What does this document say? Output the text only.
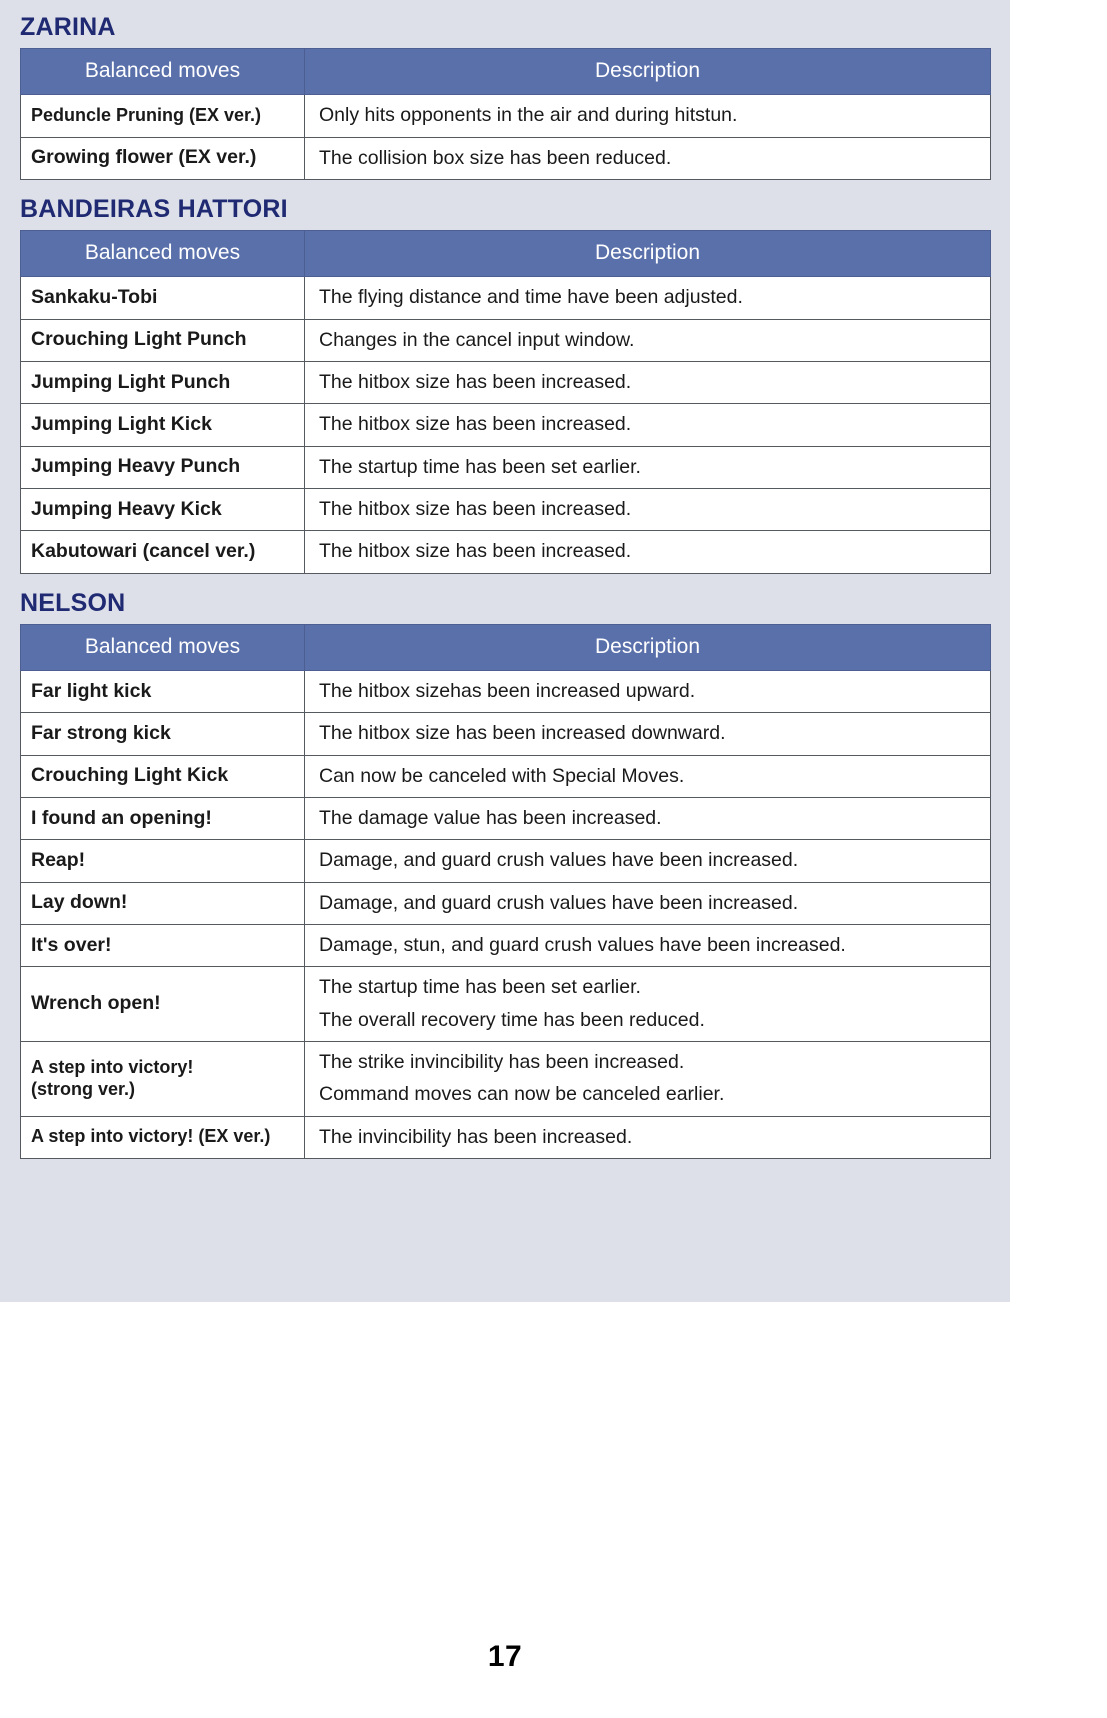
ZARINA
Balanced moves	Description
Peduncle Pruning (EX ver.)	Only hits opponents in the air and during hitstun.

Growing flower (EX ver.)	The collision box size has been reduced.
BANDEIRAS HATTORI
Balanced moves	Description
Sankaku-Tobi	The flying distance and time have been adjusted.

Crouching Light Punch	Changes in the cancel input window.

Jumping Light Punch	The hitbox size has been increased.

Jumping Light Kick	The hitbox size has been increased.

Jumping Heavy Punch	The startup time has been set earlier.

Jumping Heavy Kick	The hitbox size has been increased.

Kabutowari (cancel ver.)	The hitbox size has been increased.
NELSON
Balanced moves	Description
Far light kick	The hitbox sizehas been increased upward.

Far strong kick	The hitbox size has been increased downward.

Crouching Light Kick	Can now be canceled with Special Moves.

I found an opening!	The damage value has been increased.

Reap!	Damage, and guard crush values have been increased.

Lay down!	Damage, and guard crush values have been increased.

It's over!	Damage, stun, and guard crush values have been increased.

Wrench open!	The startup time has been set earlier.
The overall recovery time has been reduced.

A step into victory!
(strong ver.)	The strike invincibility has been increased.
Command moves can now be canceled earlier.

A step into victory! (EX ver.)	The invincibility has been increased.
17
